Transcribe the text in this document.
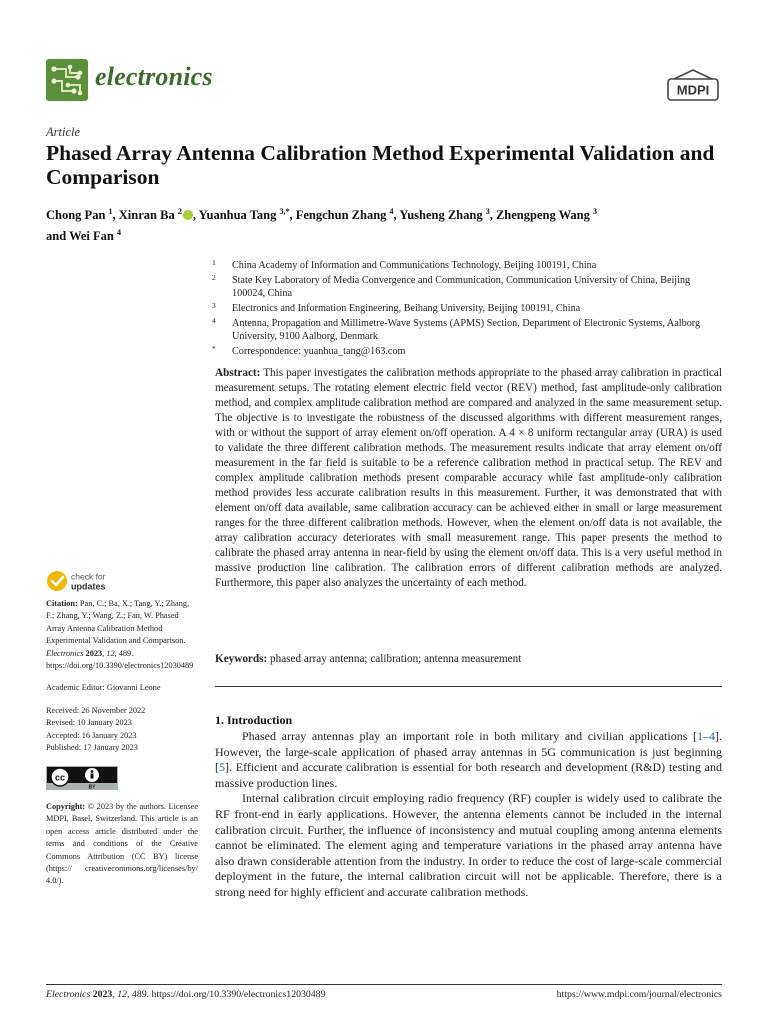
electronics	MDPI
Article
Phased Array Antenna Calibration Method Experimental Validation and Comparison
Chong Pan $^1$, Xinran Ba $^2$ , Yuanhua Tang $^{3,*}$, Fengchun Zhang $^4$, Yusheng Zhang $^3$, Zhengpeng Wang $^3$
and Wei Fan $^4$
1 China Academy of Information and Communications Technology, Beijing 100191, China
2 State Key Laboratory of Media Convergence and Communication, Communication University of China, Beijing 100024, China
3 Electronics and Information Engineering, Beihang University, Beijing 100191, China
4 Antenna, Propagation and Millimetre-Wave Systems (APMS) Section, Department of Electronic Systems, Aalborg University, 9100 Aalborg, Denmark
* Correspondence: yuanhua_tang@163.com
Abstract: This paper investigates the calibration methods appropriate to the phased array calibration in practical measurement setups. The rotating element electric field vector (REV) method, fast amplitude-only calibration method, and complex amplitude calibration method are compared and analyzed in the same measurement setup. The objective is to investigate the robustness of the discussed algorithms with different measurement ranges, with or without the support of array element on/off operation. A 4 × 8 uniform rectangular array (URA) is used to validate the three different calibration methods. The measurement results indicate that array element on/off measurement in the far field is suitable to be a reference calibration method in practical setup. The REV and complex amplitude calibration methods present comparable accuracy while fast amplitude-only calibration method provides less accurate calibration results in this measurement. Further, it was demonstrated that with element on/off data available, same calibration accuracy can be achieved either in small or large measurement ranges for the three different calibration methods. However, when the element on/off data is not available, the array calibration accuracy deteriorates with small measurement range. This paper presents the method to calibrate the phased array antenna in near-field by using the element on/off data. This is a very useful method in massive production line calibration. The calibration errors of different calibration methods are analyzed. Furthermore, this paper also analyzes the uncertainty of each method.
Keywords: phased array antenna; calibration; antenna measurement
check for
updates

Citation: Pan, C.; Ba, X.; Tang, Y.; Zhang, F.; Zhang, Y.; Wang, Z.; Fan, W. Phased Array Antenna Calibration Method Experimental Validation and Comparison. Electronics 2023, 12, 489. https://doi.org/10.3390/electronics12030489

Academic Editor: Giovanni Leone

Received: 26 November 2022
Revised: 10 January 2023
Accepted: 16 January 2023
Published: 17 January 2023
cc
BY

Copyright: © 2023 by the authors. Licensee MDPI, Basel, Switzerland. This article is an open access article distributed under the terms and conditions of the Creative Commons Attribution (CC BY) license (https:// creativecommons.org/licenses/by/ 4.0/).

1. Introduction

Phased array antennas play an important role in both military and civilian applications [1–4]. However, the large-scale application of phased array antennas in 5G communication is just beginning [5]. Efficient and accurate calibration is essential for both research and development (R&D) testing and massive production lines.

Internal calibration circuit employing radio frequency (RF) coupler is widely used to calibrate the RF front-end in early applications. However, the antenna elements cannot be included in the internal calibration circuit. Further, the influence of inconsistency and mutual coupling among antenna elements cannot be eliminated. The element aging and temperature variations in the phased array antenna have also drawn considerable attention from the industry. In order to reduce the cost of large-scale commercial deployment in the future, the internal calibration circuit will not be applicable. Therefore, there is a strong need for highly efficient and accurate calibration methods.

Electronics 2023, 12, 489. https://doi.org/10.3390/electronics12030489	https://www.mdpi.com/journal/electronics
